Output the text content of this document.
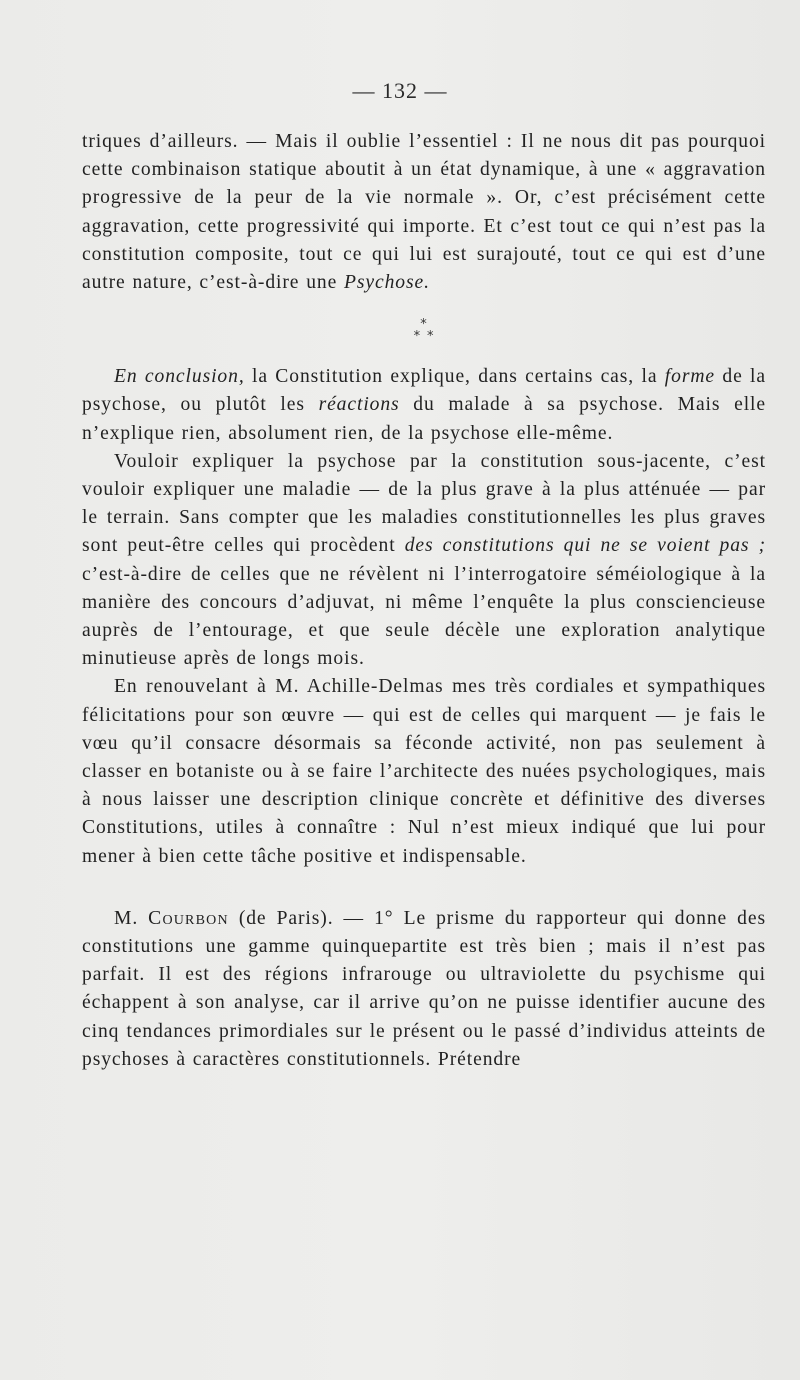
— 132 —

triques d’ailleurs. — Mais il oublie l’essentiel : Il ne nous dit pas pourquoi cette combinaison statique aboutit à un état dynamique, à une « aggravation progressive de la peur de la vie normale ». Or, c’est précisément cette aggravation, cette progressivité qui importe. Et c’est tout ce qui n’est pas la constitution composite, tout ce qui lui est surajouté, tout ce qui est d’une autre nature, c’est-à-dire une Psychose.

*
* *

En conclusion, la Constitution explique, dans certains cas, la forme de la psychose, ou plutôt les réactions du malade à sa psychose. Mais elle n’explique rien, absolument rien, de la psychose elle-même.

Vouloir expliquer la psychose par la constitution sous-jacente, c’est vouloir expliquer une maladie — de la plus grave à la plus atténuée — par le terrain. Sans compter que les maladies constitutionnelles les plus graves sont peut-être celles qui procèdent des constitutions qui ne se voient pas ; c’est-à-dire de celles que ne révèlent ni l’interrogatoire séméiologique à la manière des concours d’adjuvat, ni même l’enquête la plus consciencieuse auprès de l’entourage, et que seule décèle une exploration analytique minutieuse après de longs mois.

En renouvelant à M. Achille-Delmas mes très cordiales et sympathiques félicitations pour son œuvre — qui est de celles qui marquent — je fais le vœu qu’il consacre désormais sa féconde activité, non pas seulement à classer en botaniste ou à se faire l’architecte des nuées psychologiques, mais à nous laisser une description clinique concrète et définitive des diverses Constitutions, utiles à connaître : Nul n’est mieux indiqué que lui pour mener à bien cette tâche positive et indispensable.

M. Courbon (de Paris). — 1° Le prisme du rapporteur qui donne des constitutions une gamme quinquepartite est très bien ; mais il n’est pas parfait. Il est des régions infrarouge ou ultraviolette du psychisme qui échappent à son analyse, car il arrive qu’on ne puisse identifier aucune des cinq tendances primordiales sur le présent ou le passé d’individus atteints de psychoses à caractères constitutionnels. Prétendre
